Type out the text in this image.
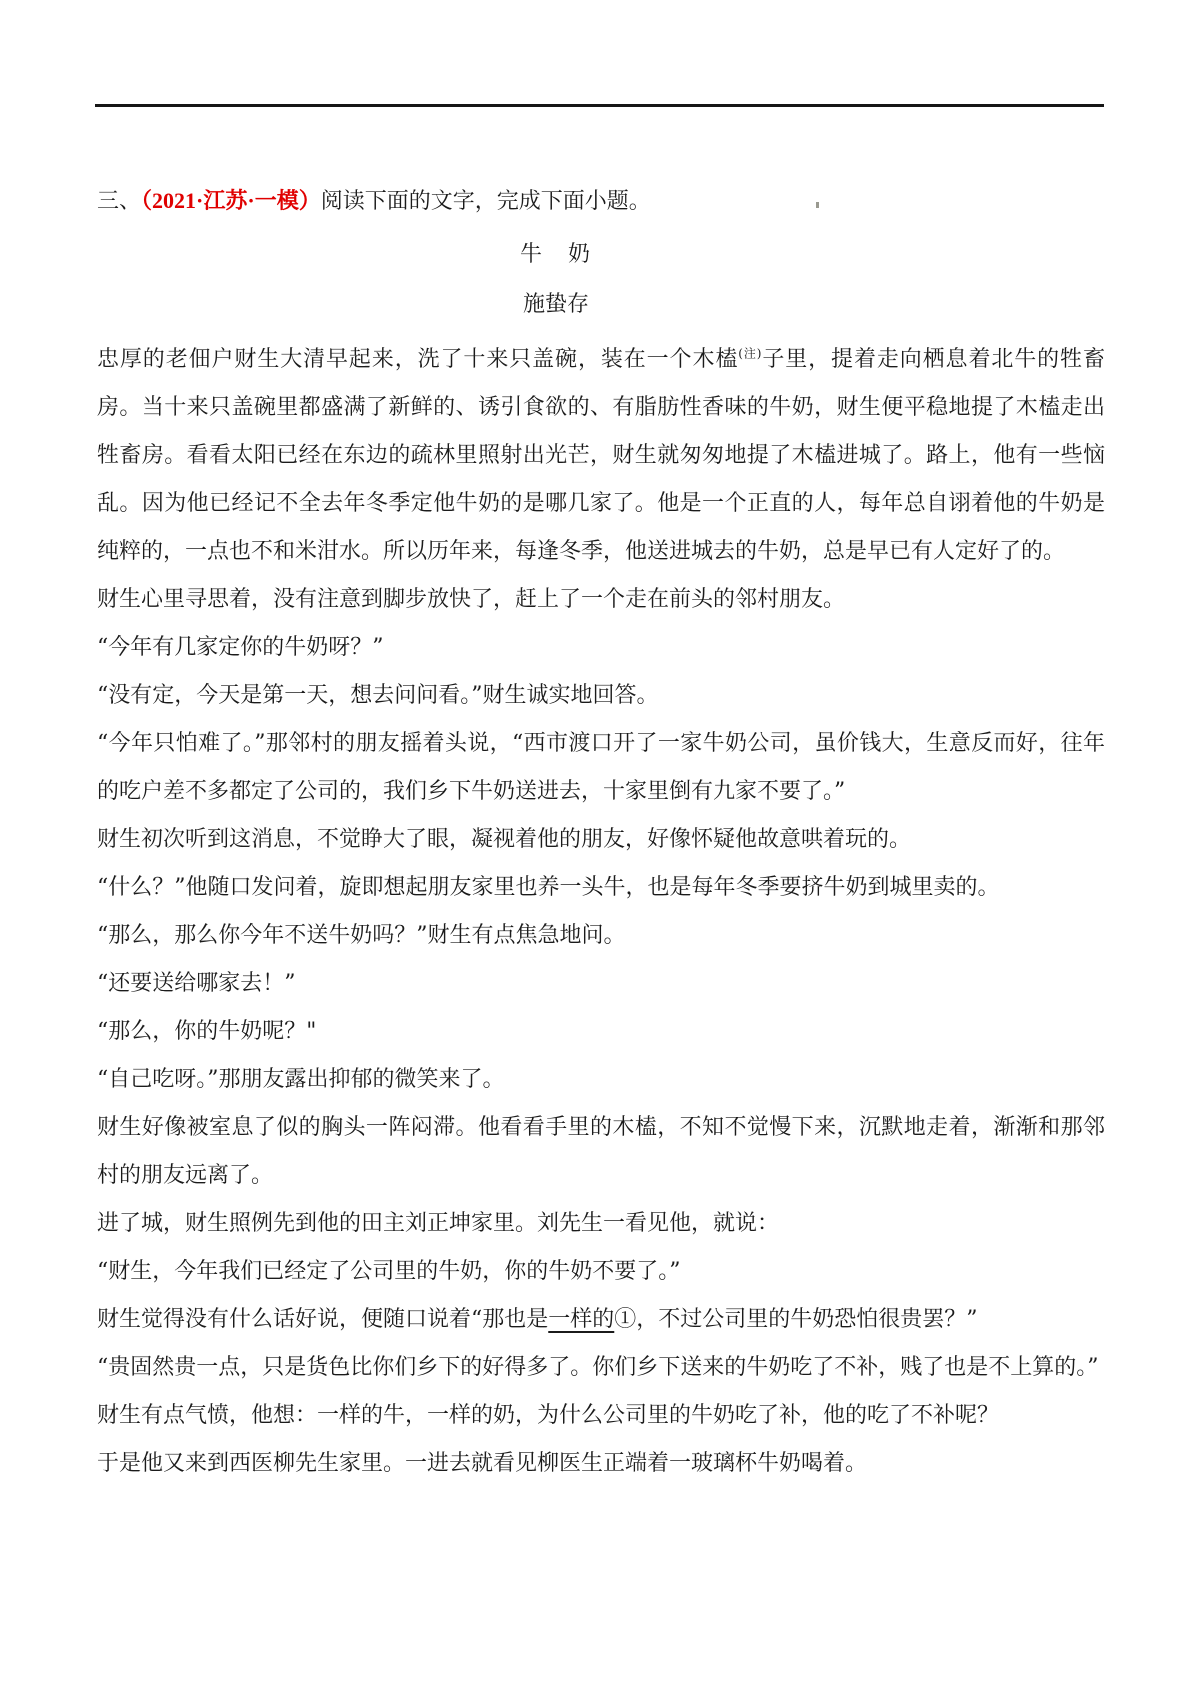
三、（2021·江苏·一模）阅读下面的文字，完成下面小题。

牛　奶
施蛰存

忠厚的老佃户财生大清早起来，洗了十来只盖碗，装在一个木榼$^{(注)}$子里，提着走向栖息着北牛的牲畜房。当十来只盖碗里都盛满了新鲜的、诱引食欲的、有脂肪性香味的牛奶，财生便平稳地提了木榼走出牲畜房。看看太阳已经在东边的疏林里照射出光芒，财生就匆匆地提了木榼进城了。路上，他有一些恼乱。因为他已经记不全去年冬季定他牛奶的是哪几家了。他是一个正直的人，每年总自诩着他的牛奶是纯粹的，一点也不和米泔水。所以历年来，每逢冬季，他送进城去的牛奶，总是早已有人定好了的。

财生心里寻思着，没有注意到脚步放快了，赶上了一个走在前头的邻村朋友。

“今年有几家定你的牛奶呀？”

“没有定，今天是第一天，想去问问看。”财生诚实地回答。

“今年只怕难了。”那邻村的朋友摇着头说，“西市渡口开了一家牛奶公司，虽价钱大，生意反而好，往年的吃户差不多都定了公司的，我们乡下牛奶送进去，十家里倒有九家不要了。”

财生初次听到这消息，不觉睁大了眼，凝视着他的朋友，好像怀疑他故意哄着玩的。

“什么？”他随口发问着，旋即想起朋友家里也养一头牛，也是每年冬季要挤牛奶到城里卖的。

“那么，那么你今年不送牛奶吗？”财生有点焦急地问。

“还要送给哪家去！”

“那么，你的牛奶呢？"

“自己吃呀。”那朋友露出抑郁的微笑来了。

财生好像被室息了似的胸头一阵闷滞。他看看手里的木榼，不知不觉慢下来，沉默地走着，渐渐和那邻村的朋友远离了。

进了城，财生照例先到他的田主刘正坤家里。刘先生一看见他，就说：

“财生，今年我们已经定了公司里的牛奶，你的牛奶不要了。”

财生觉得没有什么话好说，便随口说着“那也是一样的①，不过公司里的牛奶恐怕很贵罢？”

“贵固然贵一点，只是货色比你们乡下的好得多了。你们乡下送来的牛奶吃了不补，贱了也是不上算的。”

财生有点气愤，他想：一样的牛，一样的奶，为什么公司里的牛奶吃了补，他的吃了不补呢？

于是他又来到西医柳先生家里。一进去就看见柳医生正端着一玻璃杯牛奶喝着。
